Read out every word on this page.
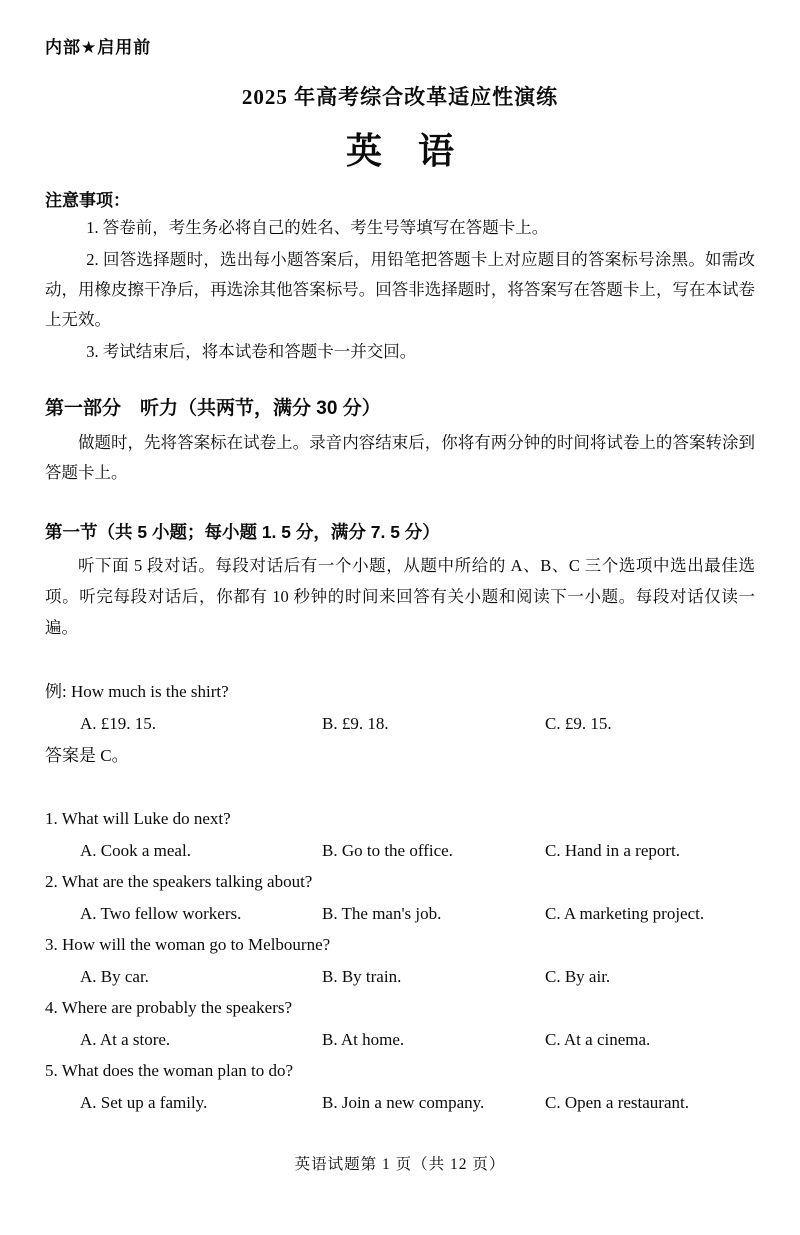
内部★启用前
2025 年高考综合改革适应性演练
英　语
注意事项：
1. 答卷前，考生务必将自己的姓名、考生号等填写在答题卡上。
2. 回答选择题时，选出每小题答案后，用铅笔把答题卡上对应题目的答案标号涂黑。如需改动，用橡皮擦干净后，再选涂其他答案标号。回答非选择题时，将答案写在答题卡上，写在本试卷上无效。
3. 考试结束后，将本试卷和答题卡一并交回。
第一部分　听力（共两节，满分 30 分）
做题时，先将答案标在试卷上。录音内容结束后，你将有两分钟的时间将试卷上的答案转涂到答题卡上。
第一节（共 5 小题；每小题 1. 5 分，满分 7. 5 分）
听下面 5 段对话。每段对话后有一个小题，从题中所给的 A、B、C 三个选项中选出最佳选项。听完每段对话后，你都有 10 秒钟的时间来回答有关小题和阅读下一小题。每段对话仅读一遍。
例: How much is the shirt?
A. £19. 15.	B. £9. 18.	C. £9. 15.
答案是 C。
1. What will Luke do next?
A. Cook a meal.	B. Go to the office.	C. Hand in a report.
2. What are the speakers talking about?
A. Two fellow workers.	B. The man's job.	C. A marketing project.
3. How will the woman go to Melbourne?
A. By car.	B. By train.	C. By air.
4. Where are probably the speakers?
A. At a store.	B. At home.	C. At a cinema.
5. What does the woman plan to do?
A. Set up a family.	B. Join a new company.	C. Open a restaurant.
英语试题第 1 页（共 12 页）
